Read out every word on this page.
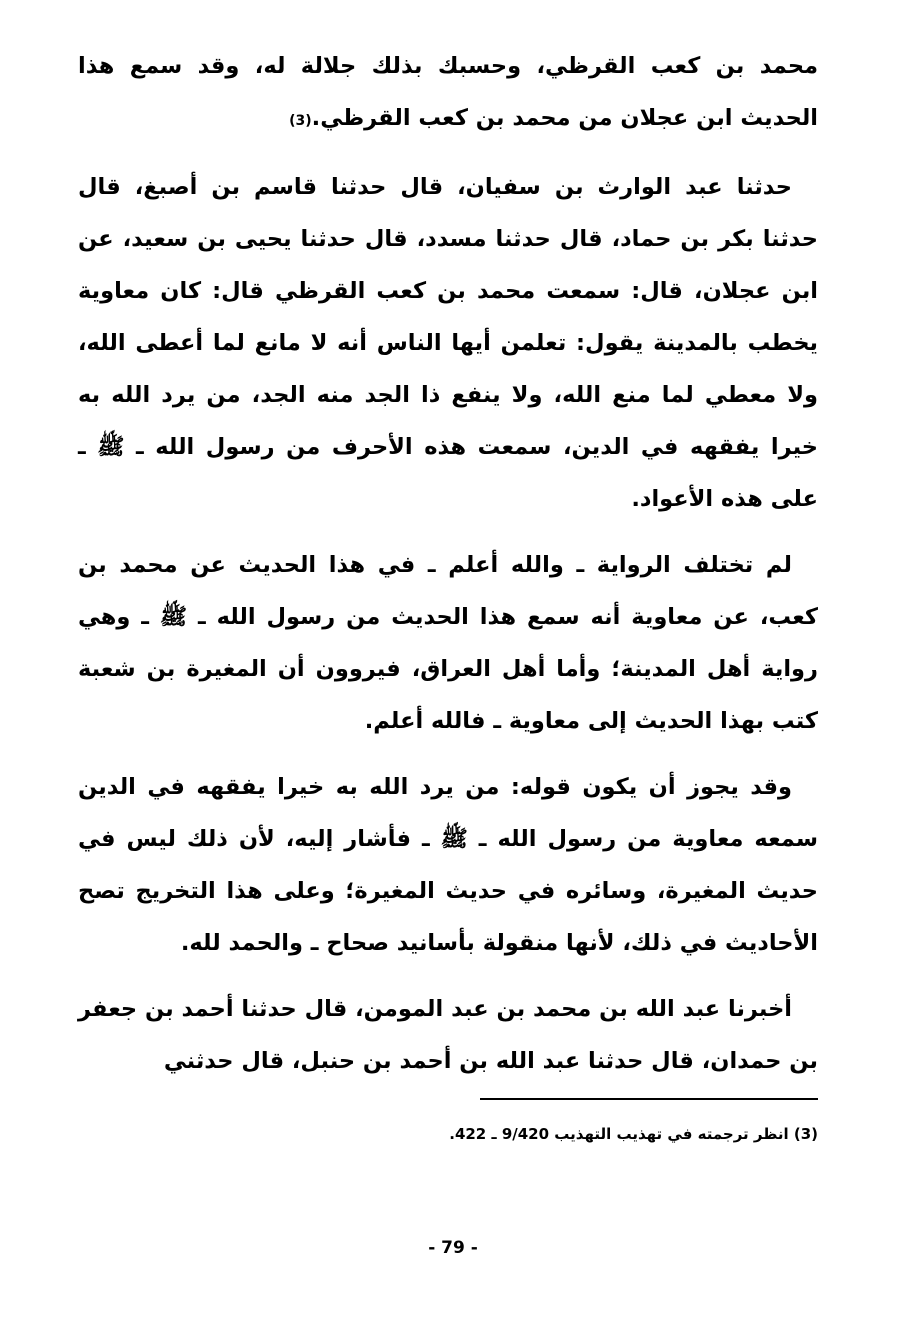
محمد بن كعب القرظي، وحسبك بذلك جلالة له، وقد سمع هذا الحديث ابن عجلان من محمد بن كعب القرظي.(3)

حدثنا عبد الوارث بن سفيان، قال حدثنا قاسم بن أصبغ، قال حدثنا بكر بن حماد، قال حدثنا مسدد، قال حدثنا يحيى بن سعيد، عن ابن عجلان، قال: سمعت محمد بن كعب القرظي قال: كان معاوية يخطب بالمدينة يقول: تعلمن أيها الناس أنه لا مانع لما أعطى الله، ولا معطي لما منع الله، ولا ينفع ذا الجد منه الجد، من يرد الله به خيرا يفقهه في الدين، سمعت هذه الأحرف من رسول الله ـ ﷺ ـ على هذه الأعواد.

لم تختلف الرواية ـ والله أعلم ـ في هذا الحديث عن محمد بن كعب، عن معاوية أنه سمع هذا الحديث من رسول الله ـ ﷺ ـ وهي رواية أهل المدينة؛ وأما أهل العراق، فيروون أن المغيرة بن شعبة كتب بهذا الحديث إلى معاوية ـ فالله أعلم.

وقد يجوز أن يكون قوله: من يرد الله به خيرا يفقهه في الدين سمعه معاوية من رسول الله ـ ﷺ ـ فأشار إليه، لأن ذلك ليس في حديث المغيرة، وسائره في حديث المغيرة؛ وعلى هذا التخريج تصح الأحاديث في ذلك، لأنها منقولة بأسانيد صحاح ـ والحمد لله.

أخبرنا عبد الله بن محمد بن عبد المومن، قال حدثنا أحمد بن جعفر بن حمدان، قال حدثنا عبد الله بن أحمد بن حنبل، قال حدثني

(3) انظر ترجمته في تهذيب التهذيب 9/420 ـ 422.
- 79 -
